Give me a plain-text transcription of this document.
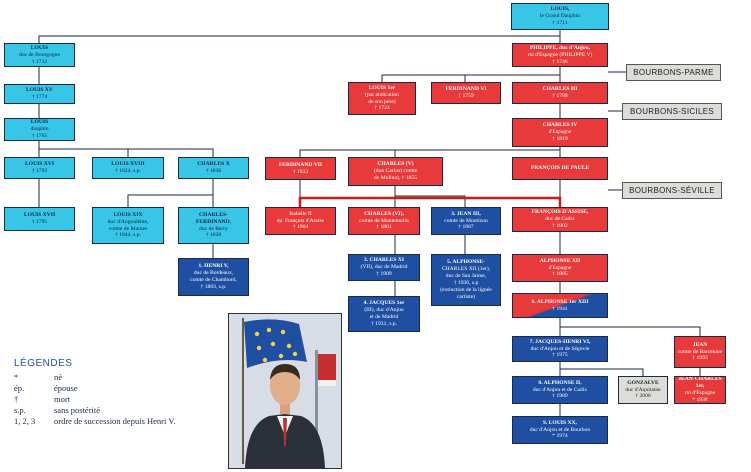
LOUIS,
le Grand Dauphin
† 1711
LOUIS
duc de Bourgogne
† 1712
LOUIS XV
† 1774
LOUIS
dauphin
† 1765
LOUIS XVI
† 1793
LOUIS XVIII
† 1824, s.p.
CHARLES X
† 1836
LOUIS XVII
† 1795
LOUIS XIX
duc d'Angoulême,
comte de Marnes
† 1844, s.p.
CHARLES-
FERDINAND,
duc de Berry
† 1820
1. HENRI V,
duc de Bordeaux,
comte de Chambord,
† 1883, s.p.
PHILIPPE, duc d'Anjou,
roi d'Espagne (PHILIPPE V)
† 1746
BOURBONS-PARME
LOUIS 1er
(par abdication
de son père)
† 1724
FERDINAND VI
† 1759
CHARLES III
† 1788
BOURBONS-SICILES
CHARLES IV
d'Espagne
† 1819
FERDINAND VII
† 1833
CHARLES (V)
(don Carlos) comte
de Molina), † 1855
FRANÇOIS DE PAULE
BOURBONS-SÉVILLE
Isabelle II
ép. François d'Assise
† 1904
CHARLES (VI),
comte de Montemolin
† 1861
3. JEAN III,
comte de Montizon
† 1887
FRANÇOIS D'ASSISE,
duc de Cadix
† 1902
3. CHARLES XI
(VII), duc de Madrid
† 1909
5. ALPHONSE-
CHARLES XII (1er),
duc de San Jaime,
† 1936, s.p
(extinction de la lignée
carliste)
ALPHONSE XII
d'Espagne
† 1885
4. JACQUES 1er
(III), duc d'Anjou
et de Madrid
† 1931, s.p.
6. ALPHONSE 1er XIII
† 1941
7. JACQUES-HENRI VI,
duc d'Anjou et de Ségovie
† 1975
JEAN
comte de Barcelone
† 1993
8. ALPHONSE II,
duc d'Anjou et de Cadix
† 1989
GONZALVE
duc d'Aquitaine
† 2000
JEAN-CHARLES 1er,
roi d'Espagne
* 1938
9. LOUIS XX,
duc d'Anjou et de Bourbon
* 1974
LÉGENDES
*	né
ép.	épouse
†	mort
s.p.	sans postérité
1, 2, 3	ordre de succession depuis Henri V.
